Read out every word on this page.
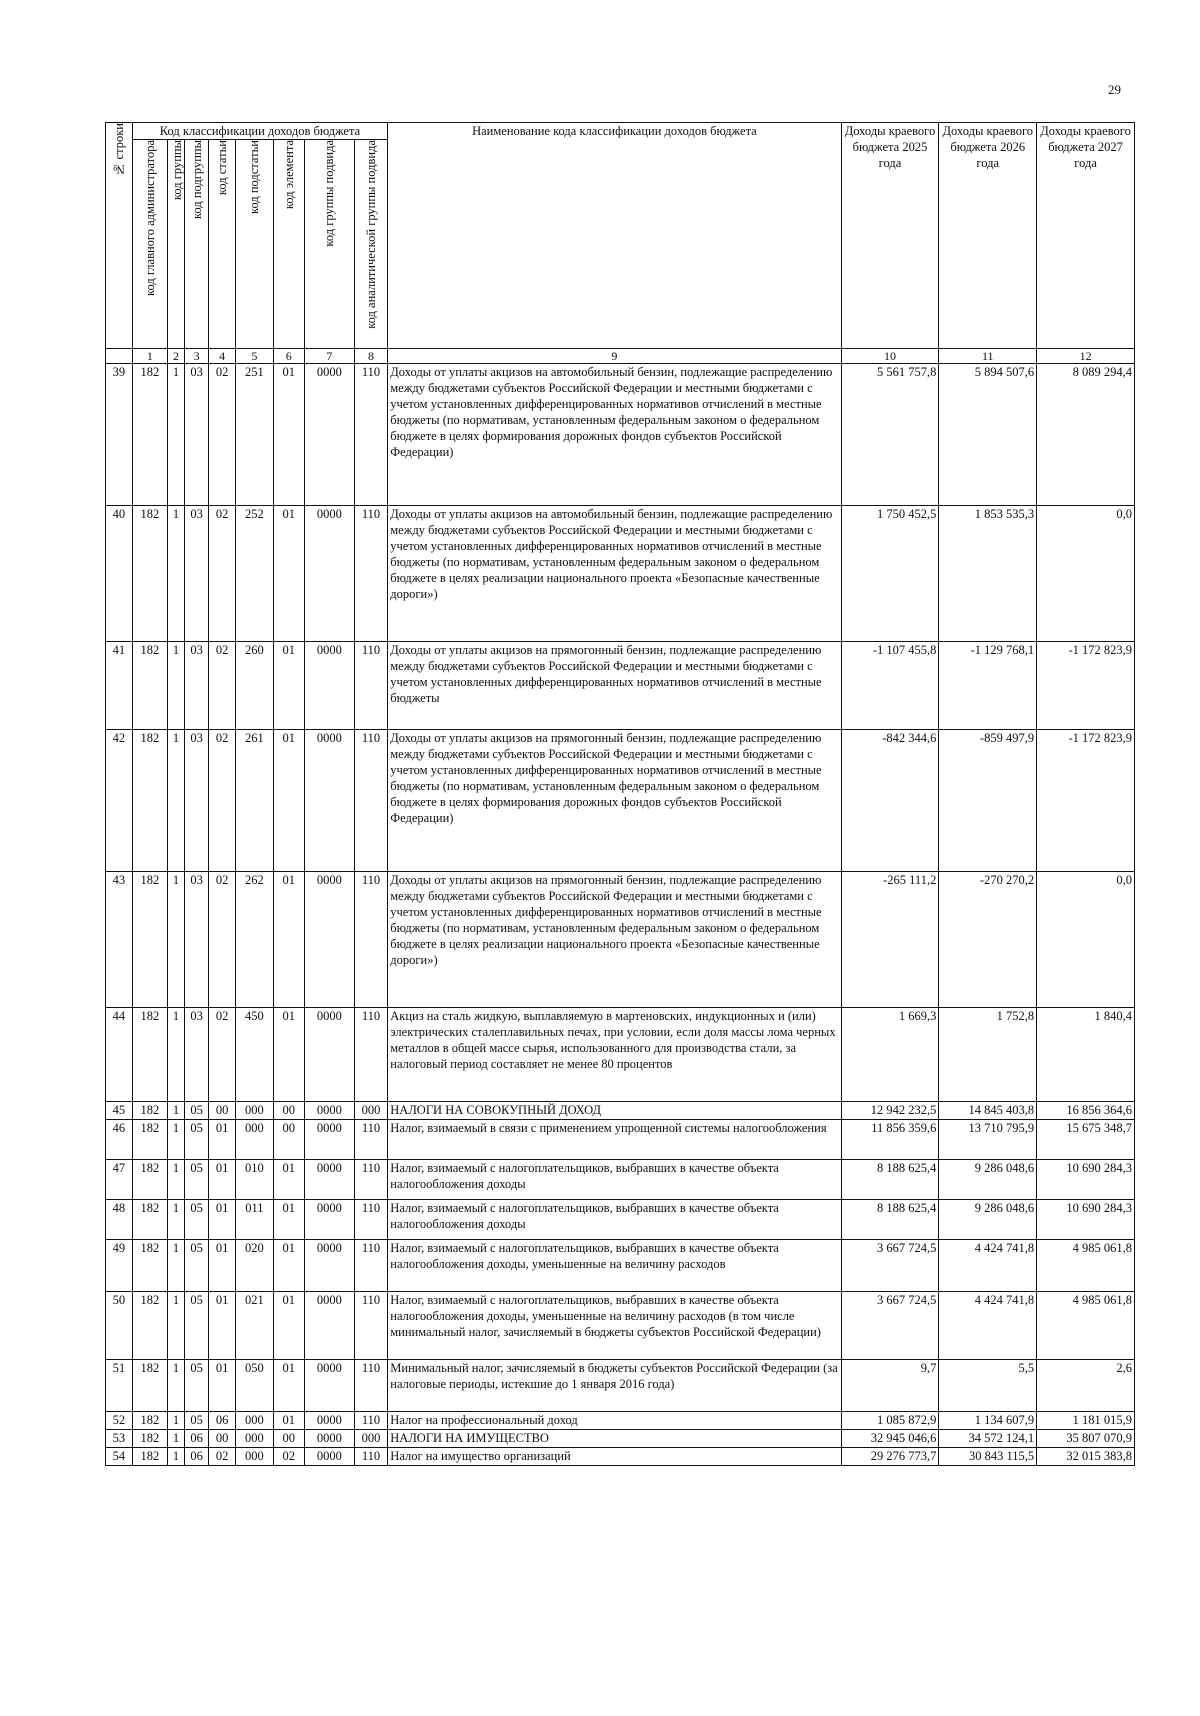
29
№ строки	Код классификации доходов бюджета								Наименование кода классификации доходов бюджета	Доходы краевого бюджета 2025 года	Доходы краевого бюджета 2026 года	Доходы краевого бюджета 2027 года

	код главного администратора	код группы	код подгруппы	код статьи	код подстатьи	код элемента	код группы подвида	код аналитической группы подвида				

	1	2	3	4	5	6	7	8	9	10	11	12
39	182	1	03	02	251	01	0000	110	Доходы от уплаты акцизов на автомобильный бензин, подлежащие распределению между бюджетами субъектов Российской Федерации и местными бюджетами с учетом установленных дифференцированных нормативов отчислений в местные бюджеты (по нормативам, установленным федеральным законом о федеральном бюджете в целях формирования дорожных фондов субъектов Российской Федерации)	5 561 757,8	5 894 507,6	8 089 294,4
40	182	1	03	02	252	01	0000	110	Доходы от уплаты акцизов на автомобильный бензин, подлежащие распределению между бюджетами субъектов Российской Федерации и местными бюджетами с учетом установленных дифференцированных нормативов отчислений в местные бюджеты (по нормативам, установленным федеральным законом о федеральном бюджете в целях реализации национального проекта «Безопасные качественные дороги»)	1 750 452,5	1 853 535,3	0,0
41	182	1	03	02	260	01	0000	110	Доходы от уплаты акцизов на прямогонный бензин, подлежащие распределению между бюджетами субъектов Российской Федерации и местными бюджетами с учетом установленных дифференцированных нормативов отчислений в местные бюджеты	-1 107 455,8	-1 129 768,1	-1 172 823,9
42	182	1	03	02	261	01	0000	110	Доходы от уплаты акцизов на прямогонный бензин, подлежащие распределению между бюджетами субъектов Российской Федерации и местными бюджетами с учетом установленных дифференцированных нормативов отчислений в местные бюджеты (по нормативам, установленным федеральным законом о федеральном бюджете в целях формирования дорожных фондов субъектов Российской Федерации)	-842 344,6	-859 497,9	-1 172 823,9
43	182	1	03	02	262	01	0000	110	Доходы от уплаты акцизов на прямогонный бензин, подлежащие распределению между бюджетами субъектов Российской Федерации и местными бюджетами с учетом установленных дифференцированных нормативов отчислений в местные бюджеты (по нормативам, установленным федеральным законом о федеральном бюджете в целях реализации национального проекта «Безопасные качественные дороги»)	-265 111,2	-270 270,2	0,0
44	182	1	03	02	450	01	0000	110	Акциз на сталь жидкую, выплавляемую в мартеновских, индукционных и (или) электрических сталеплавильных печах, при условии, если доля массы лома черных металлов в общей массе сырья, использованного для производства стали, за налоговый период составляет не менее 80 процентов	1 669,3	1 752,8	1 840,4
45	182	1	05	00	000	00	0000	000	НАЛОГИ НА СОВОКУПНЫЙ ДОХОД	12 942 232,5	14 845 403,8	16 856 364,6
46	182	1	05	01	000	00	0000	110	Налог, взимаемый в связи с применением упрощенной системы налогообложения	11 856 359,6	13 710 795,9	15 675 348,7
47	182	1	05	01	010	01	0000	110	Налог, взимаемый с налогоплательщиков, выбравших в качестве объекта налогообложения доходы	8 188 625,4	9 286 048,6	10 690 284,3
48	182	1	05	01	011	01	0000	110	Налог, взимаемый с налогоплательщиков, выбравших в качестве объекта налогообложения доходы	8 188 625,4	9 286 048,6	10 690 284,3
49	182	1	05	01	020	01	0000	110	Налог, взимаемый с налогоплательщиков, выбравших в качестве объекта налогообложения доходы, уменьшенные на величину расходов	3 667 724,5	4 424 741,8	4 985 061,8
50	182	1	05	01	021	01	0000	110	Налог, взимаемый с налогоплательщиков, выбравших в качестве объекта налогообложения доходы, уменьшенные на величину расходов (в том числе минимальный налог, зачисляемый в бюджеты субъектов Российской Федерации)	3 667 724,5	4 424 741,8	4 985 061,8
51	182	1	05	01	050	01	0000	110	Минимальный налог, зачисляемый в бюджеты субъектов Российской Федерации (за налоговые периоды, истекшие до 1 января 2016 года)	9,7	5,5	2,6
52	182	1	05	06	000	01	0000	110	Налог на профессиональный доход	1 085 872,9	1 134 607,9	1 181 015,9
53	182	1	06	00	000	00	0000	000	НАЛОГИ НА ИМУЩЕСТВО	32 945 046,6	34 572 124,1	35 807 070,9
54	182	1	06	02	000	02	0000	110	Налог на имущество организаций	29 276 773,7	30 843 115,5	32 015 383,8
